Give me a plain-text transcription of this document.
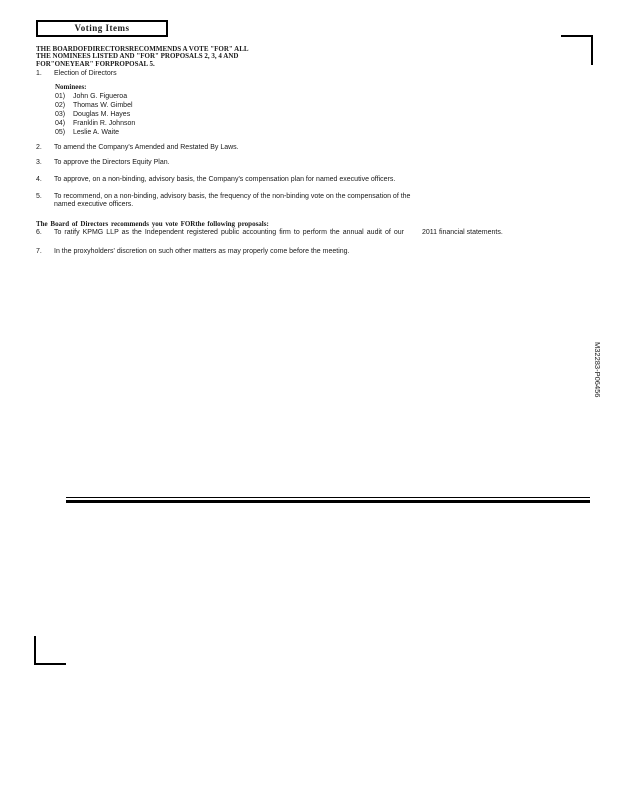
Voting Items
THE BOARDOFDIRECTORSRECOMMENDS A VOTE "FOR" ALL
THE NOMINEES LISTED AND "FOR" PROPOSALS 2, 3, 4 AND
FOR"ONEYEAR" FORPROPOSAL 5.
1. Election of Directors
Nominees:
01) John G. Figueroa
02) Thomas W. Gimbel
03) Douglas M. Hayes
04) Franklin R. Johnson
05) Leslie A. Waite
2. To amend the Company's Amended and Restated By Laws.
3. To approve the Directors Equity Plan.
4. To approve, on a non-binding, advisory basis, the Company's compensation plan for named executive officers.
5. To recommend, on a non-binding, advisory basis, the frequency of the non-binding vote on the compensation of the named executive officers.
The Board of Directors recommends you vote FORthe following proposals:
6. To ratify KPMG LLP as the Independent registered public accounting firm to perform the annual audit of our	2011 financial statements.
7. In the proxyholders' discretion on such other matters as may properly come before the meeting.
M32283-P06456
